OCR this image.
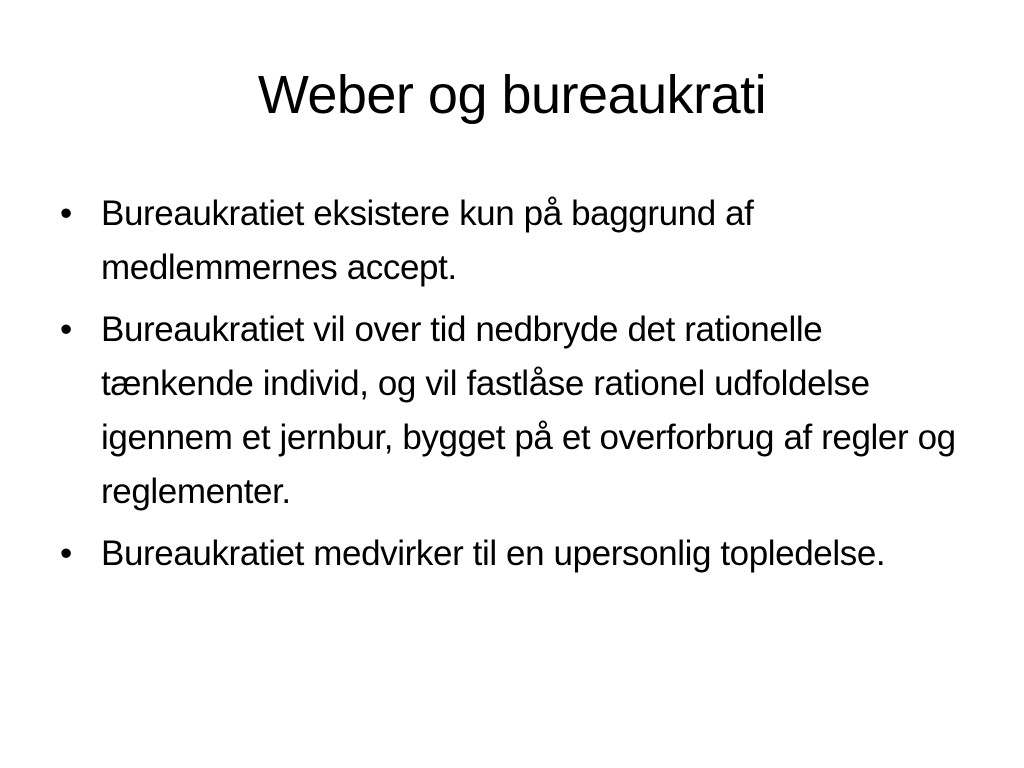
Weber og bureaukrati
• Bureaukratiet eksistere kun på baggrund af medlemmernes accept.
• Bureaukratiet vil over tid nedbryde det rationelle tænkende individ, og vil fastlåse rationel udfoldelse igennem et jernbur, bygget på et overforbrug af regler og reglementer.
• Bureaukratiet medvirker til en upersonlig topledelse.
